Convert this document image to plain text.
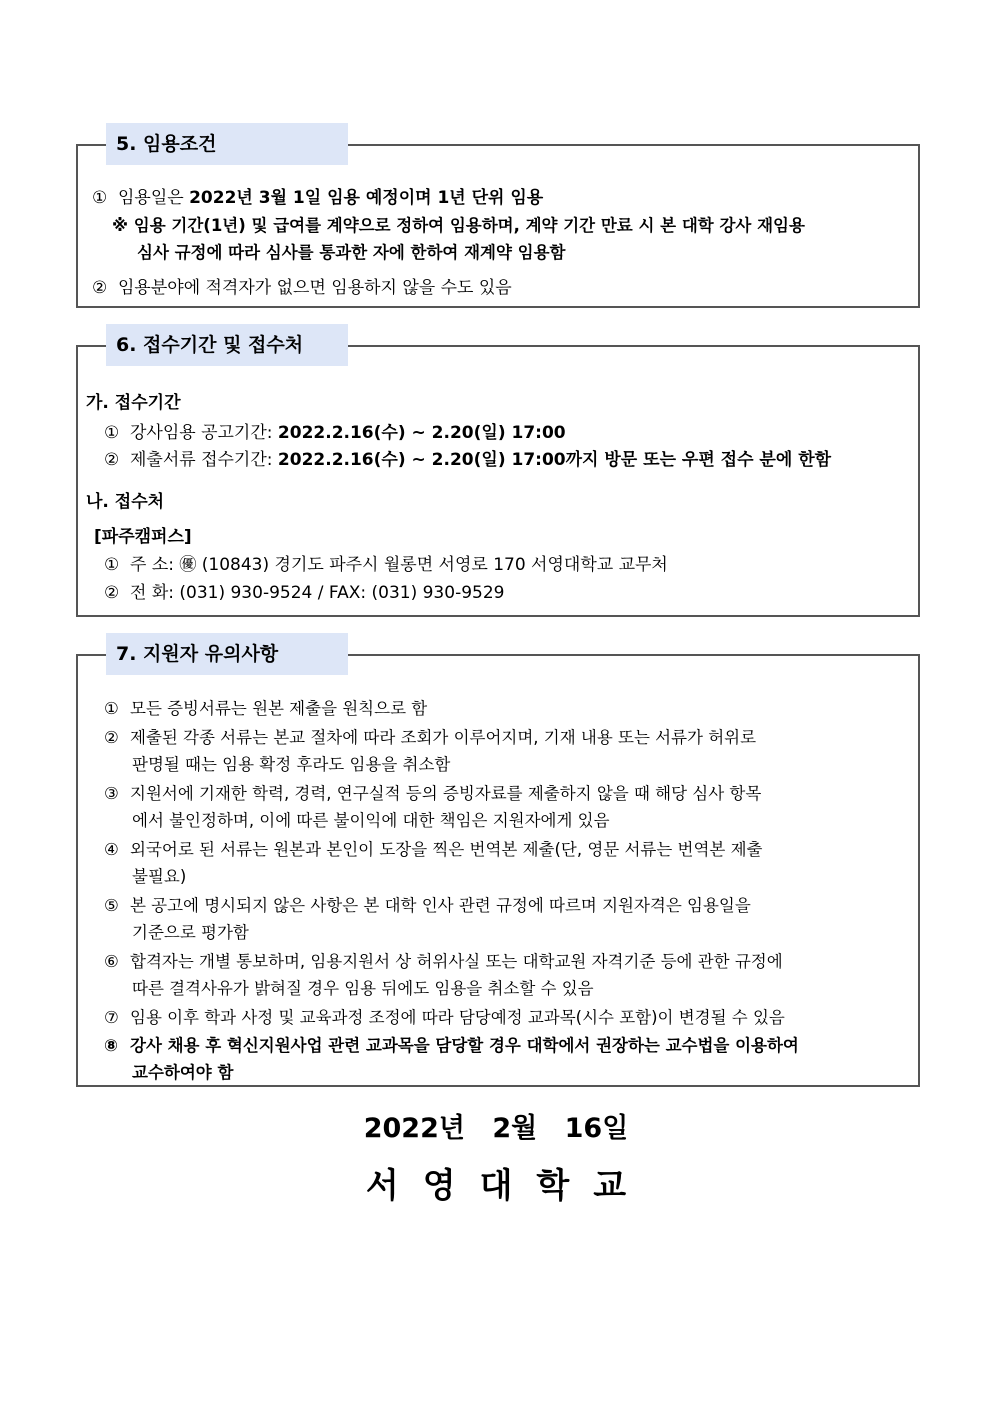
5. 임용조건
① 임용일은 2022년 3월 1일 임용 예정이며 1년 단위 임용
※ 임용 기간(1년) 및 급여를 계약으로 정하여 임용하며, 계약 기간 만료 시 본 대학 강사 재임용
심사 규정에 따라 심사를 통과한 자에 한하여 재계약 임용함
② 임용분야에 적격자가 없으면 임용하지 않을 수도 있음
6. 접수기간 및 접수처
가. 접수기간
① 강사임용 공고기간: 2022.2.16(수) ~ 2.20(일) 17:00
② 제출서류 접수기간: 2022.2.16(수) ~ 2.20(일) 17:00까지 방문 또는 우편 접수 분에 한함
나. 접수처
[파주캠퍼스]
① 주 소: ㊝ (10843) 경기도 파주시 월롱면 서영로 170 서영대학교 교무처
② 전 화: (031) 930-9524 / FAX: (031) 930-9529
7. 지원자 유의사항
① 모든 증빙서류는 원본 제출을 원칙으로 함
② 제출된 각종 서류는 본교 절차에 따라 조회가 이루어지며, 기재 내용 또는 서류가 허위로
판명될 때는 임용 확정 후라도 임용을 취소함
③ 지원서에 기재한 학력, 경력, 연구실적 등의 증빙자료를 제출하지 않을 때 해당 심사 항목
에서 불인정하며, 이에 따른 불이익에 대한 책임은 지원자에게 있음
④ 외국어로 된 서류는 원본과 본인이 도장을 찍은 번역본 제출(단, 영문 서류는 번역본 제출
불필요)
⑤ 본 공고에 명시되지 않은 사항은 본 대학 인사 관련 규정에 따르며 지원자격은 임용일을
기준으로 평가함
⑥ 합격자는 개별 통보하며, 임용지원서 상 허위사실 또는 대학교원 자격기준 등에 관한 규정에
따른 결격사유가 밝혀질 경우 임용 뒤에도 임용을 취소할 수 있음
⑦ 임용 이후 학과 사정 및 교육과정 조정에 따라 담당예정 교과목(시수 포함)이 변경될 수 있음
⑧ 강사 채용 후 혁신지원사업 관련 교과목을 담당할 경우 대학에서 권장하는 교수법을 이용하여
교수하여야 함
2022년 2월 16일
서영대학교
